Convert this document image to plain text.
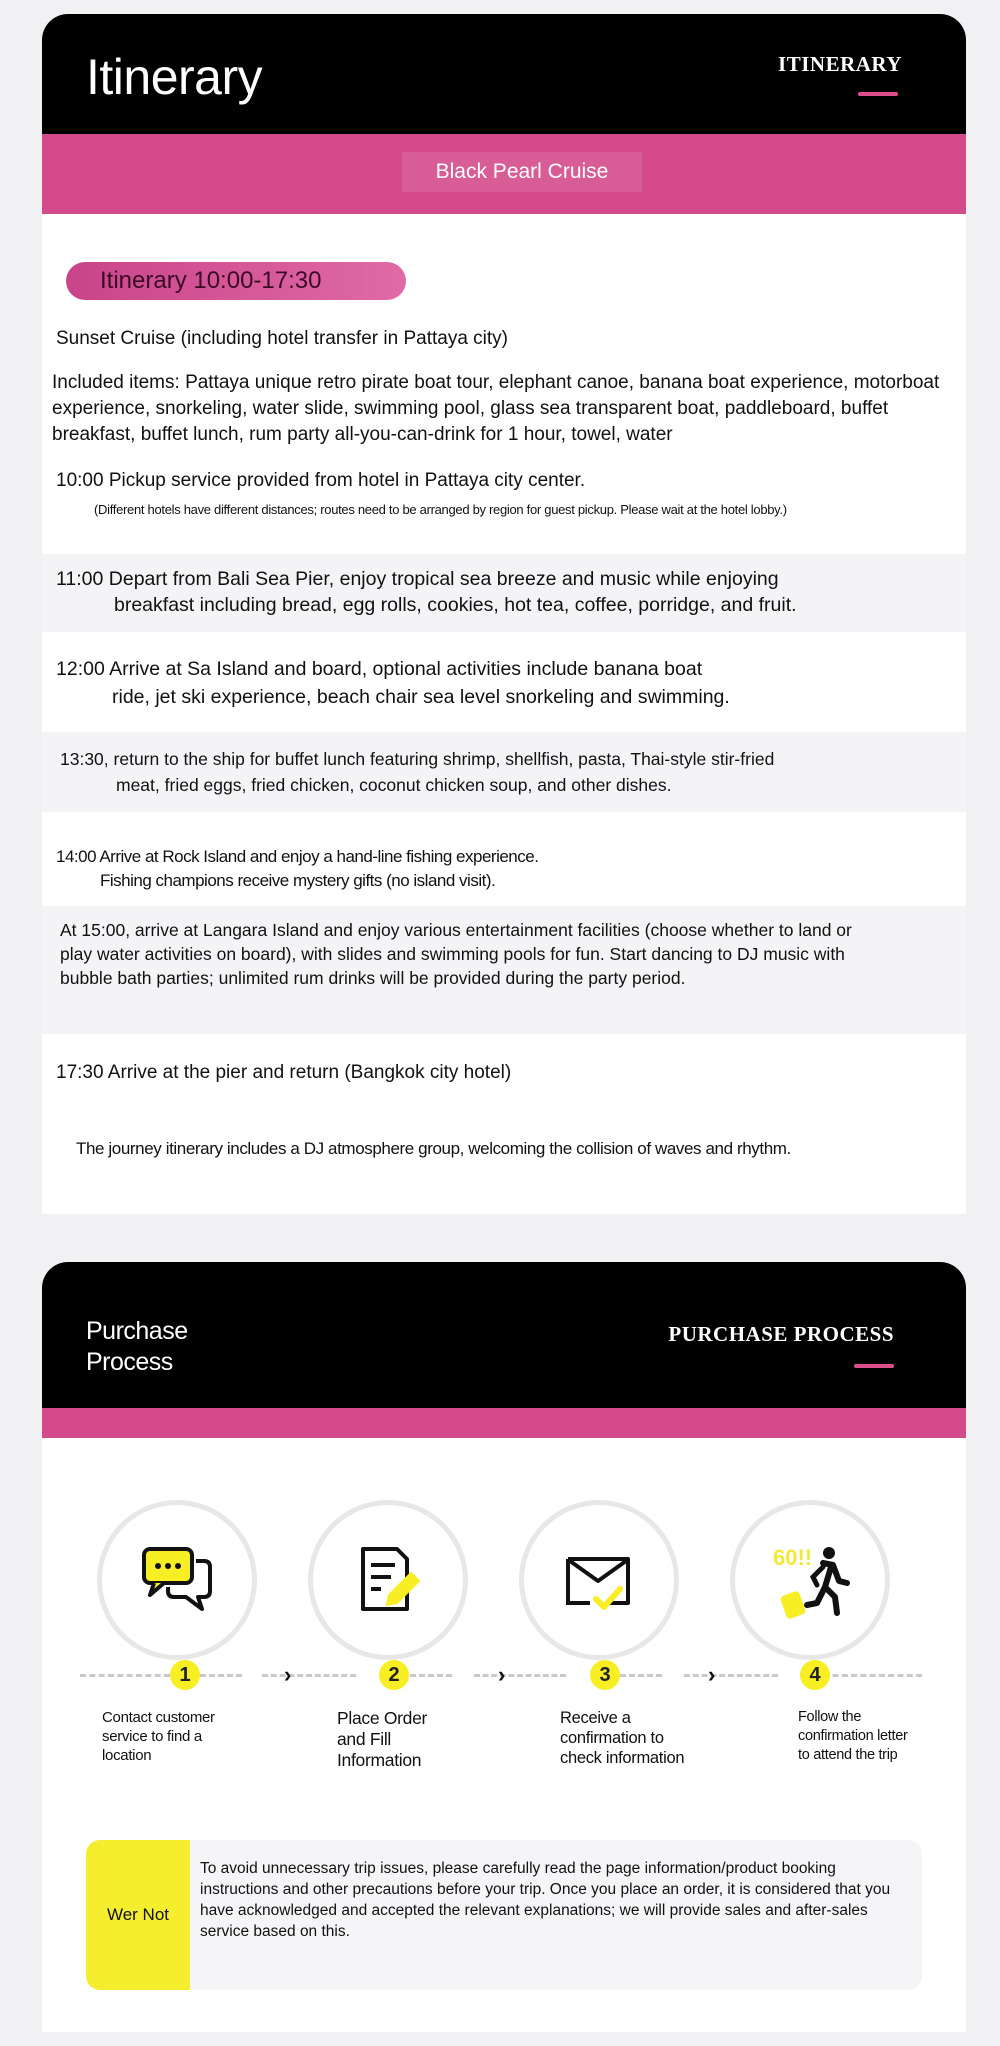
Itinerary	ITINERARY
Black Pearl Cruise
Itinerary 10:00-17:30
Sunset Cruise (including hotel transfer in Pattaya city)
Included items: Pattaya unique retro pirate boat tour, elephant canoe, banana boat experience, motorboat experience, snorkeling, water slide, swimming pool, glass sea transparent boat, paddleboard, buffet breakfast, buffet lunch, rum party all-you-can-drink for 1 hour, towel, water
10:00 Pickup service provided from hotel in Pattaya city center.
(Different hotels have different distances; routes need to be arranged by region for guest pickup. Please wait at the hotel lobby.)
11:00 Depart from Bali Sea Pier, enjoy tropical sea breeze and music while enjoying
breakfast including bread, egg rolls, cookies, hot tea, coffee, porridge, and fruit.
12:00 Arrive at Sa Island and board, optional activities include banana boat
ride, jet ski experience, beach chair sea level snorkeling and swimming.
13:30, return to the ship for buffet lunch featuring shrimp, shellfish, pasta, Thai-style stir-fried
meat, fried eggs, fried chicken, coconut chicken soup, and other dishes.
14:00 Arrive at Rock Island and enjoy a hand-line fishing experience.
Fishing champions receive mystery gifts (no island visit).
At 15:00, arrive at Langara Island and enjoy various entertainment facilities (choose whether to land or play water activities on board), with slides and swimming pools for fun. Start dancing to DJ music with bubble bath parties; unlimited rum drinks will be provided during the party period.
17:30 Arrive at the pier and return (Bangkok city hotel)
The journey itinerary includes a DJ atmosphere group, welcoming the collision of waves and rhythm.
Purchase
Process
PURCHASE PROCESS
60!!
1	2	3	4
›	›	›
Contact customer
service to find a
location
Place Order
and Fill
Information
Receive a
confirmation to
check information
Follow the
confirmation letter
to attend the trip
Wer Not
To avoid unnecessary trip issues, please carefully read the page information/product booking instructions and other precautions before your trip. Once you place an order, it is considered that you have acknowledged and accepted the relevant explanations; we will provide sales and after-sales service based on this.
